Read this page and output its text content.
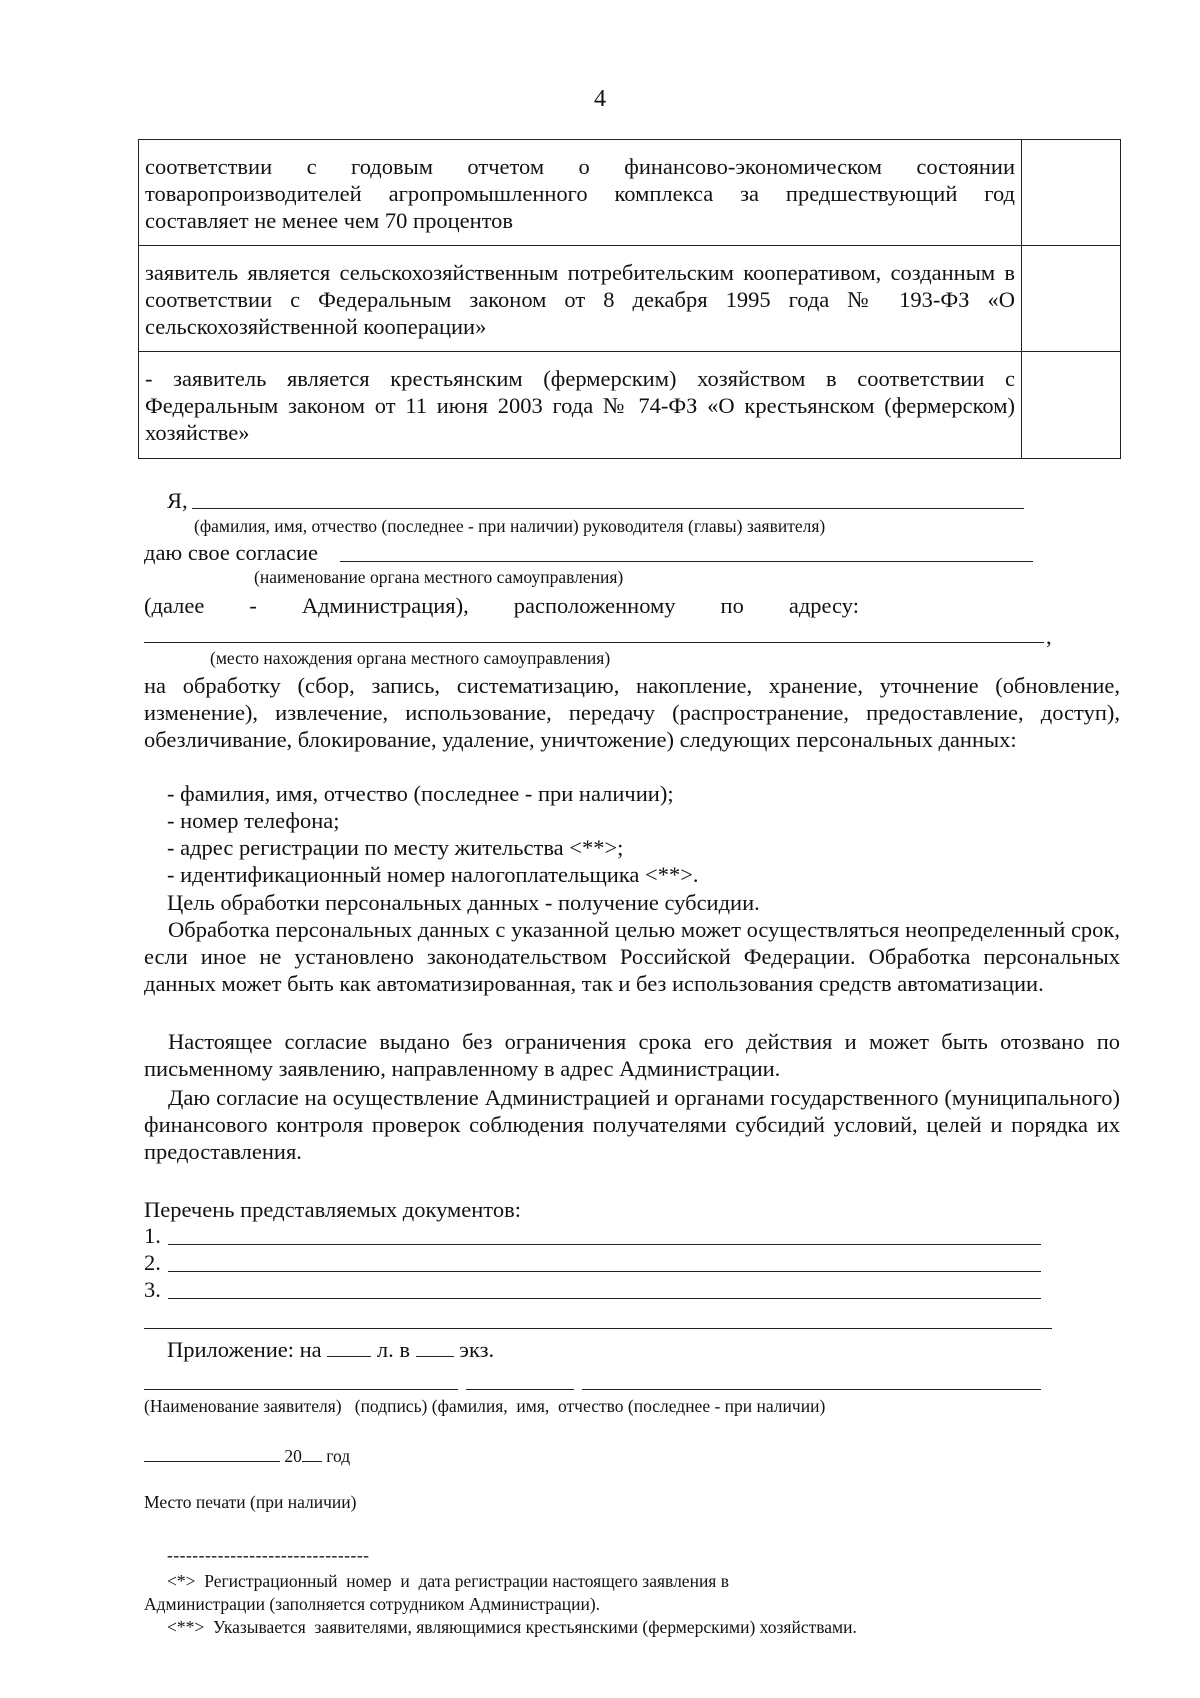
4
соответствии с годовым отчетом о финансово-экономическом состоянии товаропроизводителей агропромышленного комплекса за предшествующий год составляет не менее чем 70 процентов	
заявитель является сельскохозяйственным потребительским кооперативом, созданным в соответствии с Федеральным законом от 8 декабря 1995 года № 193-ФЗ «О сельскохозяйственной кооперации»	
- заявитель является крестьянским (фермерским) хозяйством в соответствии с Федеральным законом от 11 июня 2003 года № 74-ФЗ «О крестьянском (фермерском) хозяйстве»	
Я,
(фамилия, имя, отчество (последнее - при наличии) руководителя (главы) заявителя)
даю свое согласие
(наименование органа местного самоуправления)
(далее - Администрация), расположенному по адресу:
,
(место нахождения органа местного самоуправления)
на обработку (сбор, запись, систематизацию, накопление, хранение, уточнение (обновление, изменение), извлечение, использование, передачу (распространение, предоставление, доступ), обезличивание, блокирование, удаление, уничтожение) следующих персональных данных:
- фамилия, имя, отчество (последнее - при наличии);
- номер телефона;
- адрес регистрации по месту жительства <**>;
- идентификационный номер налогоплательщика <**>.
Цель обработки персональных данных - получение субсидии.
Обработка персональных данных с указанной целью может осуществляться неопределенный срок, если иное не установлено законодательством Российской Федерации. Обработка персональных данных может быть как автоматизированная, так и без использования средств автоматизации.
Настоящее согласие выдано без ограничения срока его действия и может быть отозвано по письменному заявлению, направленному в адрес Администрации.
Даю согласие на осуществление Администрацией и органами государственного (муниципального) финансового контроля проверок соблюдения получателями субсидий условий, целей и порядка их предоставления.
Перечень представляемых документов:
1.
2.
3.
Приложение: на л. в экз.
(Наименование заявителя)   (подпись) (фамилия,  имя,  отчество (последнее - при наличии)
20 год
Место печати (при наличии)
--------------------------------
<*>  Регистрационный  номер  и  дата регистрации настоящего заявления в
Администрации (заполняется сотрудником Администрации).
<**>  Указывается  заявителями, являющимися крестьянскими (фермерскими) хозяйствами.
